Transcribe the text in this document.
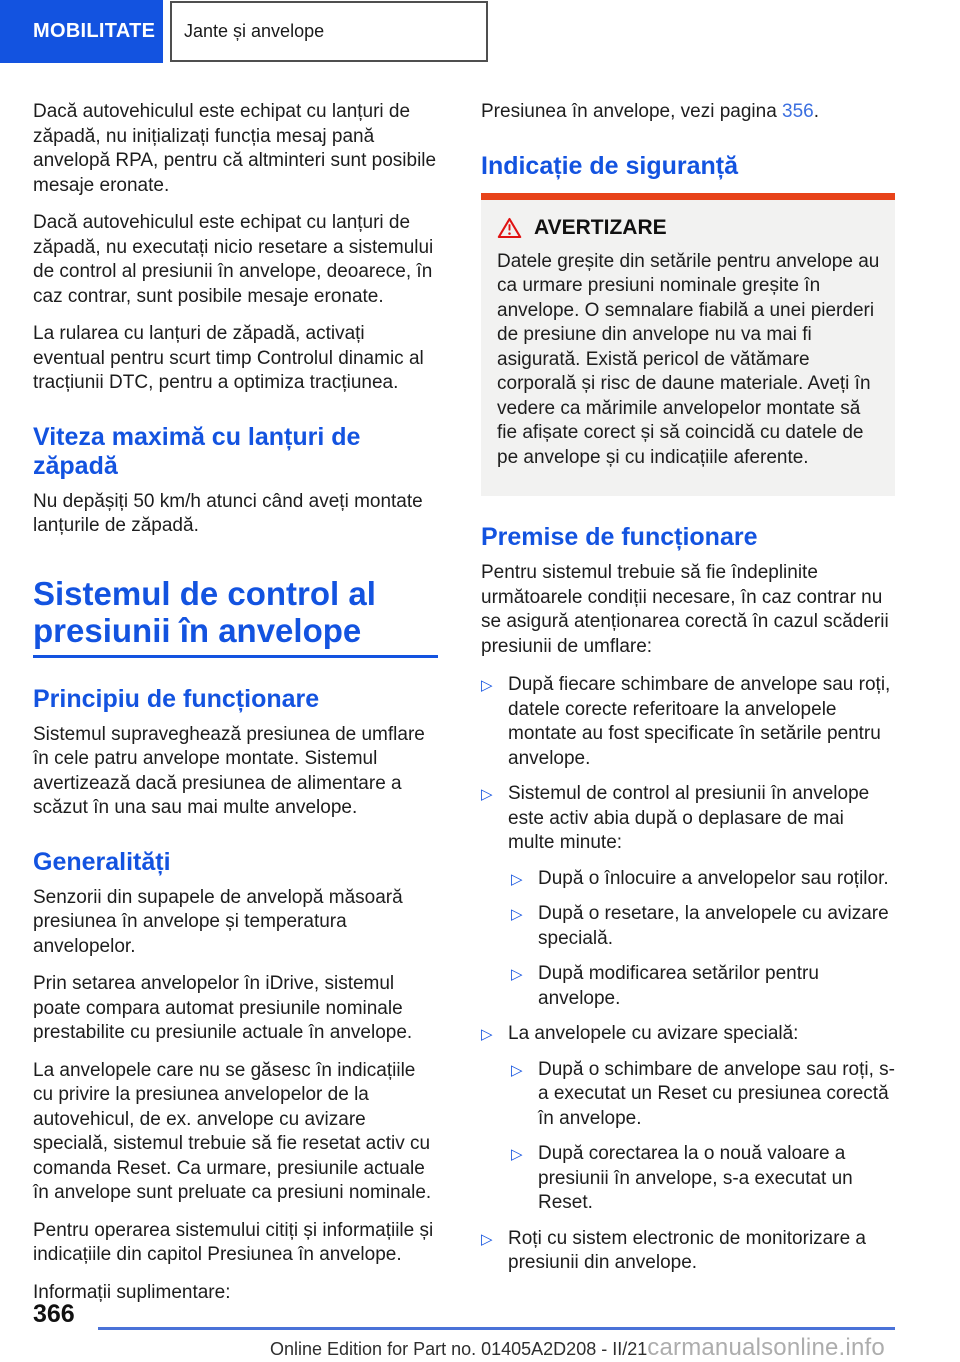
MOBILITATE Jante și anvelope

Dacă autovehiculul este echipat cu lanțuri de zăpadă, nu inițializați funcția mesaj pană anvelopă RPA, pentru că altminteri sunt posibile mesaje eronate.

Dacă autovehiculul este echipat cu lanțuri de zăpadă, nu executați nicio resetare a sistemului de control al presiunii în anvelope, deoarece, în caz contrar, sunt posibile mesaje eronate.

La rularea cu lanțuri de zăpadă, activați eventual pentru scurt timp Controlul dinamic al tracțiunii DTC, pentru a optimiza tracțiunea.

Viteza maximă cu lanțuri de zăpadă

Nu depășiți 50 km/h atunci când aveți montate lanțurile de zăpadă.

Sistemul de control al presiunii în anvelope
Principiu de funcționare

Sistemul supraveghează presiunea de umflare în cele patru anvelope montate. Sistemul avertizează dacă presiunea de alimentare a scăzut în una sau mai multe anvelope.

Generalități

Senzorii din supapele de anvelopă măsoară presiunea în anvelope și temperatura anvelopelor.

Prin setarea anvelopelor în iDrive, sistemul poate compara automat presiunile nominale prestabilite cu presiunile actuale în anvelope.

La anvelopele care nu se găsesc în indicațiile cu privire la presiunea anvelopelor de la autovehicul, de ex. anvelope cu avizare specială, sistemul trebuie să fie resetat activ cu comanda Reset. Ca urmare, presiunile actuale în anvelope sunt preluate ca presiuni nominale.

Pentru operarea sistemului citiți și informațiile și indicațiile din capitol Presiunea în anvelope.

Informații suplimentare:

Presiunea în anvelope, vezi pagina 356.

Indicație de siguranță
AVERTIZARE

Datele greșite din setările pentru anvelope au ca urmare presiuni nominale greșite în anvelope. O semnalare fiabilă a unei pierderi de presiune din anvelope nu va mai fi asigurată. Există pericol de vătămare corporală și risc de daune materiale. Aveți în vedere ca mărimile anvelopelor montate să fie afișate corect și să coincidă cu datele de pe anvelope și cu indicațiile aferente.

Premise de funcționare

Pentru sistemul trebuie să fie îndeplinite următoarele condiții necesare, în caz contrar nu se asigură atenționarea corectă în cazul scăderii presiunii de umflare:

▷ După fiecare schimbare de anvelope sau roți, datele corecte referitoare la anvelopele montate au fost specificate în setările pentru anvelope.
▷ Sistemul de control al presiunii în anvelope este activ abia după o deplasare de mai multe minute:
▷ După o înlocuire a anvelopelor sau roților.
▷ După o resetare, la anvelopele cu avizare specială.
▷ După modificarea setărilor pentru anvelope.
▷ La anvelopele cu avizare specială:
▷ După o schimbare de anvelope sau roți, s-a executat un Reset cu presiunea corectă în anvelope.
▷ După corectarea la o nouă valoare a presiunii în anvelope, s-a executat un Reset.
▷ Roți cu sistem electronic de monitorizare a presiunii din anvelope.
366
Online Edition for Part no. 01405A2D208 - II/21 carmanualsonline.info
